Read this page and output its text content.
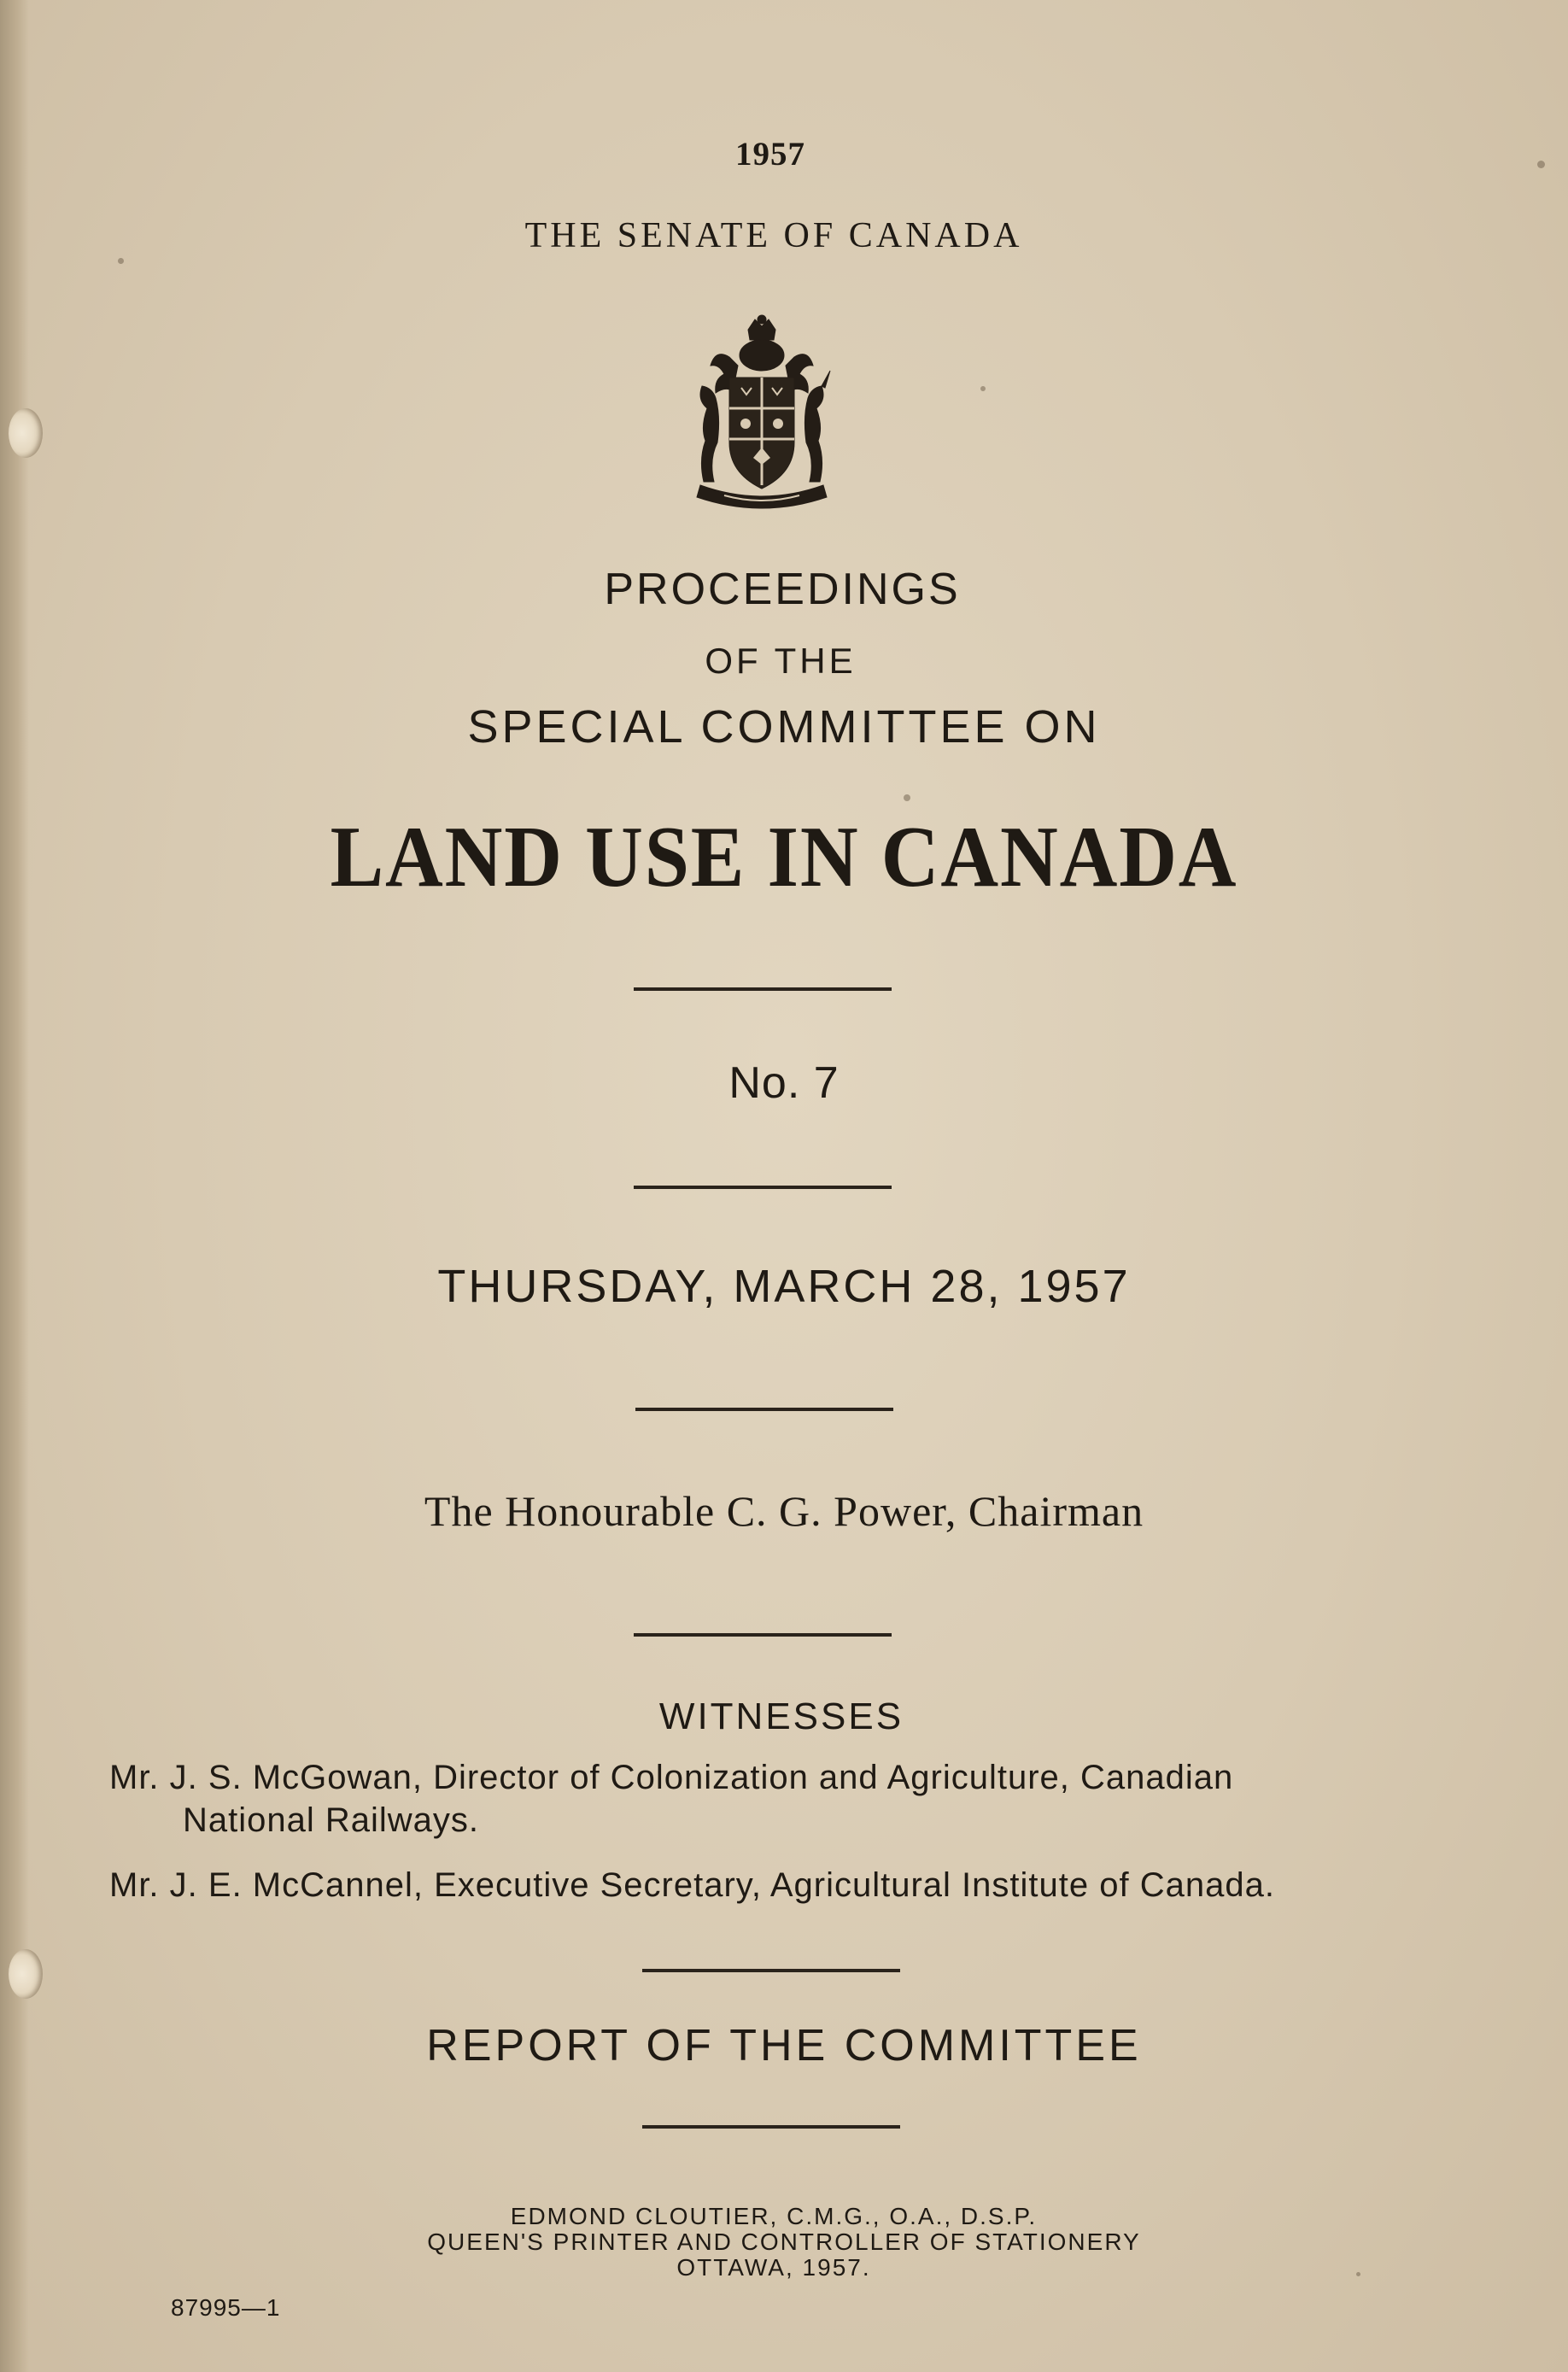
1957
THE SENATE OF CANADA
PROCEEDINGS
OF THE
SPECIAL COMMITTEE ON
LAND USE IN CANADA
No. 7
THURSDAY, MARCH 28, 1957
The Honourable C. G. Power, Chairman
WITNESSES
Mr. J. S. McGowan, Director of Colonization and Agriculture, Canadian
National Railways.
Mr. J. E. McCannel, Executive Secretary, Agricultural Institute of Canada.
REPORT OF THE COMMITTEE
EDMOND CLOUTIER, C.M.G., O.A., D.S.P.
QUEEN'S PRINTER AND CONTROLLER OF STATIONERY
OTTAWA, 1957.
87995—1
